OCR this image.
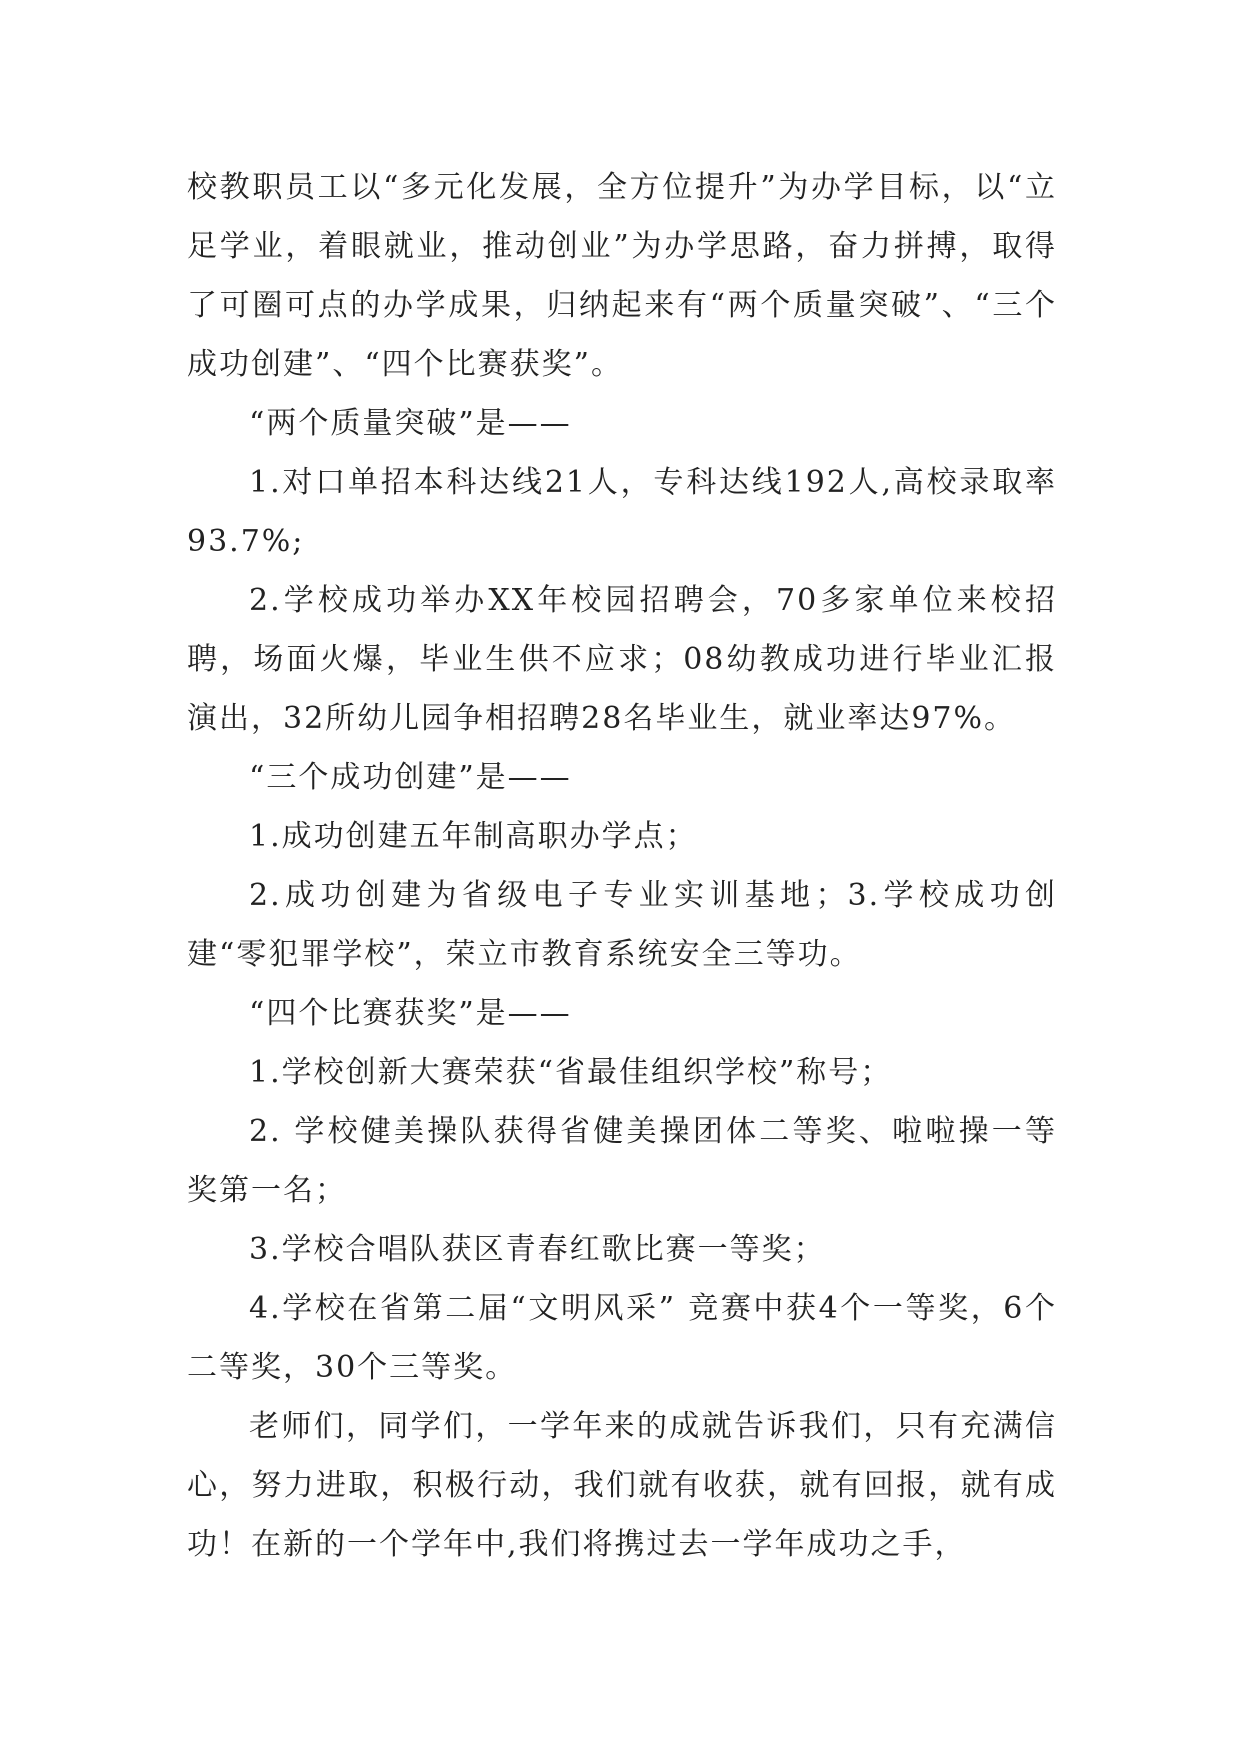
校教职员工以“多元化发展，全方位提升”为办学目标，以“立足学业，着眼就业，推动创业”为办学思路，奋力拼搏，取得了可圈可点的办学成果，归纳起来有“两个质量突破”、“三个成功创建”、“四个比赛获奖”。

“两个质量突破”是——

1.对口单招本科达线21人，专科达线192人,高校录取率93.7%;

2.学校成功举办XX年校园招聘会，70多家单位来校招聘，场面火爆，毕业生供不应求；08幼教成功进行毕业汇报演出，32所幼儿园争相招聘28名毕业生，就业率达97%。

“三个成功创建”是——

1.成功创建五年制高职办学点；

2.成功创建为省级电子专业实训基地；3.学校成功创建“零犯罪学校”，荣立市教育系统安全三等功。

“四个比赛获奖”是——

1.学校创新大赛荣获“省最佳组织学校”称号；

2. 学校健美操队获得省健美操团体二等奖、啦啦操一等奖第一名；

3.学校合唱队获区青春红歌比赛一等奖；

4.学校在省第二届“文明风采” 竞赛中获4个一等奖，6个二等奖，30个三等奖。

老师们，同学们，一学年来的成就告诉我们，只有充满信心，努力进取，积极行动，我们就有收获，就有回报，就有成功！在新的一个学年中,我们将携过去一学年成功之手，
